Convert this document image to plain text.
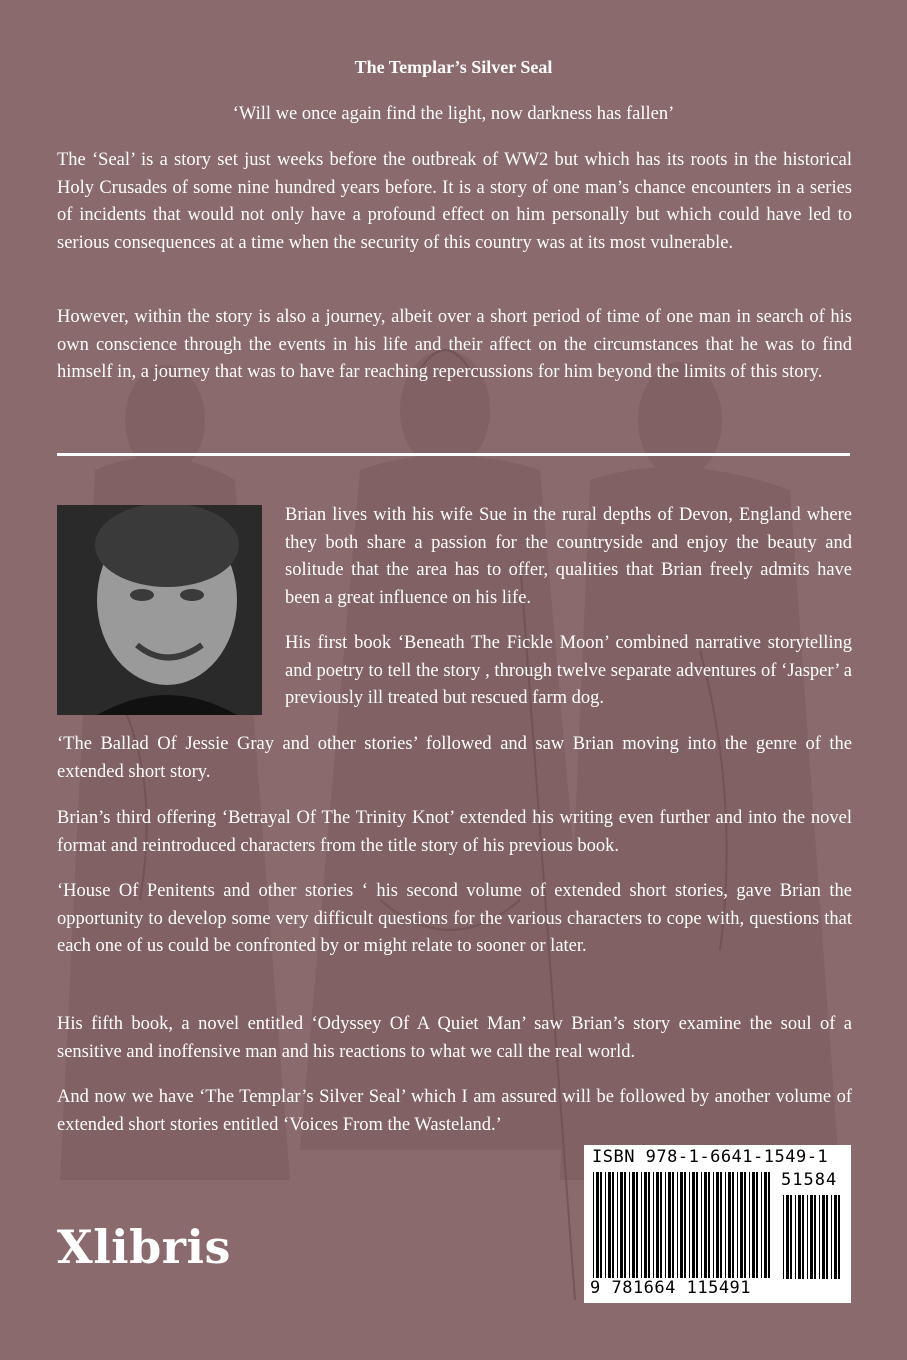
The Templar’s Silver Seal
‘Will we once again find the light, now darkness has fallen’

The ‘Seal’ is a story set just weeks before the outbreak of WW2 but which has its roots in the historical Holy Crusades of some nine hundred years before. It is a story of one man’s chance encounters in a series of incidents that would not only have a profound effect on him personally but which could have led to serious consequences at a time when the security of this country was at its most vulnerable.

However, within the story is also a journey, albeit over a short period of time of one man in search of his own conscience through the events in his life and their affect on the circumstances that he was to find himself in, a journey that was to have far reaching repercussions for him beyond the limits of this story.

Brian lives with his wife Sue in the rural depths of Devon, England where they both share a passion for the countryside and enjoy the beauty and solitude that the area has to offer, qualities that Brian freely admits have been a great influence on his life.

His first book ‘Beneath The Fickle Moon’ combined narrative storytelling and poetry to tell the story , through twelve separate adventures of ‘Jasper’ a previously ill treated but rescued farm dog.

‘The Ballad Of Jessie Gray and other stories’ followed and saw Brian moving into the genre of the extended short story.

Brian’s third offering ‘Betrayal Of The Trinity Knot’ extended his writing even further and into the novel format and reintroduced characters from the title story of his previous book.

‘House Of Penitents and other stories ‘ his second volume of extended short stories, gave Brian the opportunity to develop some very difficult questions for the various characters to cope with, questions that each one of us could be confronted by or might relate to sooner or later.

His fifth book, a novel entitled ‘Odyssey Of A Quiet Man’ saw Brian’s story examine the soul of a sensitive and inoffensive man and his reactions to what we call the real world.

And now we have ‘The Templar’s Silver Seal’ which I am assured will be followed by another volume of extended short stories entitled ‘Voices From the Wasteland.’

Xlibris
ISBN 978-1-6641-1549-1
51584
9 781664 115491
